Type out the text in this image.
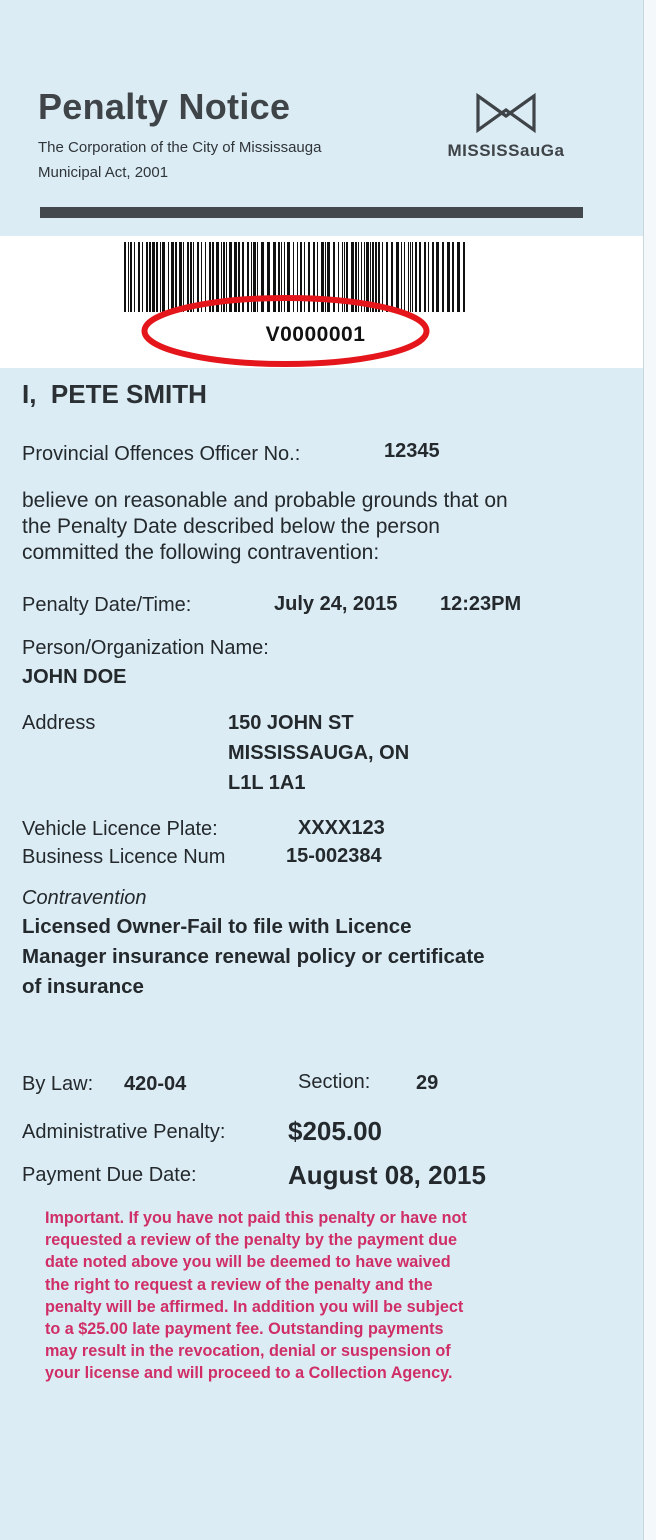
Penalty Notice
The Corporation of the City of Mississauga
Municipal Act, 2001
MISSISSauGa
V0000001
I, PETE SMITH
Provincial Offences Officer No.:	12345
believe on reasonable and probable grounds that on
the Penalty Date described below the person
committed the following contravention:
Penalty Date/Time:	July 24, 2015 12:23PM
Person/Organization Name:
JOHN DOE
Address	150 JOHN ST
MISSISSAUGA, ON
L1L 1A1
Vehicle Licence Plate:	XXXX123
Business Licence Num	15-002384
Contravention
Licensed Owner-Fail to file with Licence
Manager insurance renewal policy or certificate
of insurance
By Law: 420-04	Section: 29
Administrative Penalty: $205.00
Payment Due Date:	August 08, 2015
Important. If you have not paid this penalty or have not
requested a review of the penalty by the payment due
date noted above you will be deemed to have waived
the right to request a review of the penalty and the
penalty will be affirmed. In addition you will be subject
to a $25.00 late payment fee. Outstanding payments
may result in the revocation, denial or suspension of
your license and will proceed to a Collection Agency.
